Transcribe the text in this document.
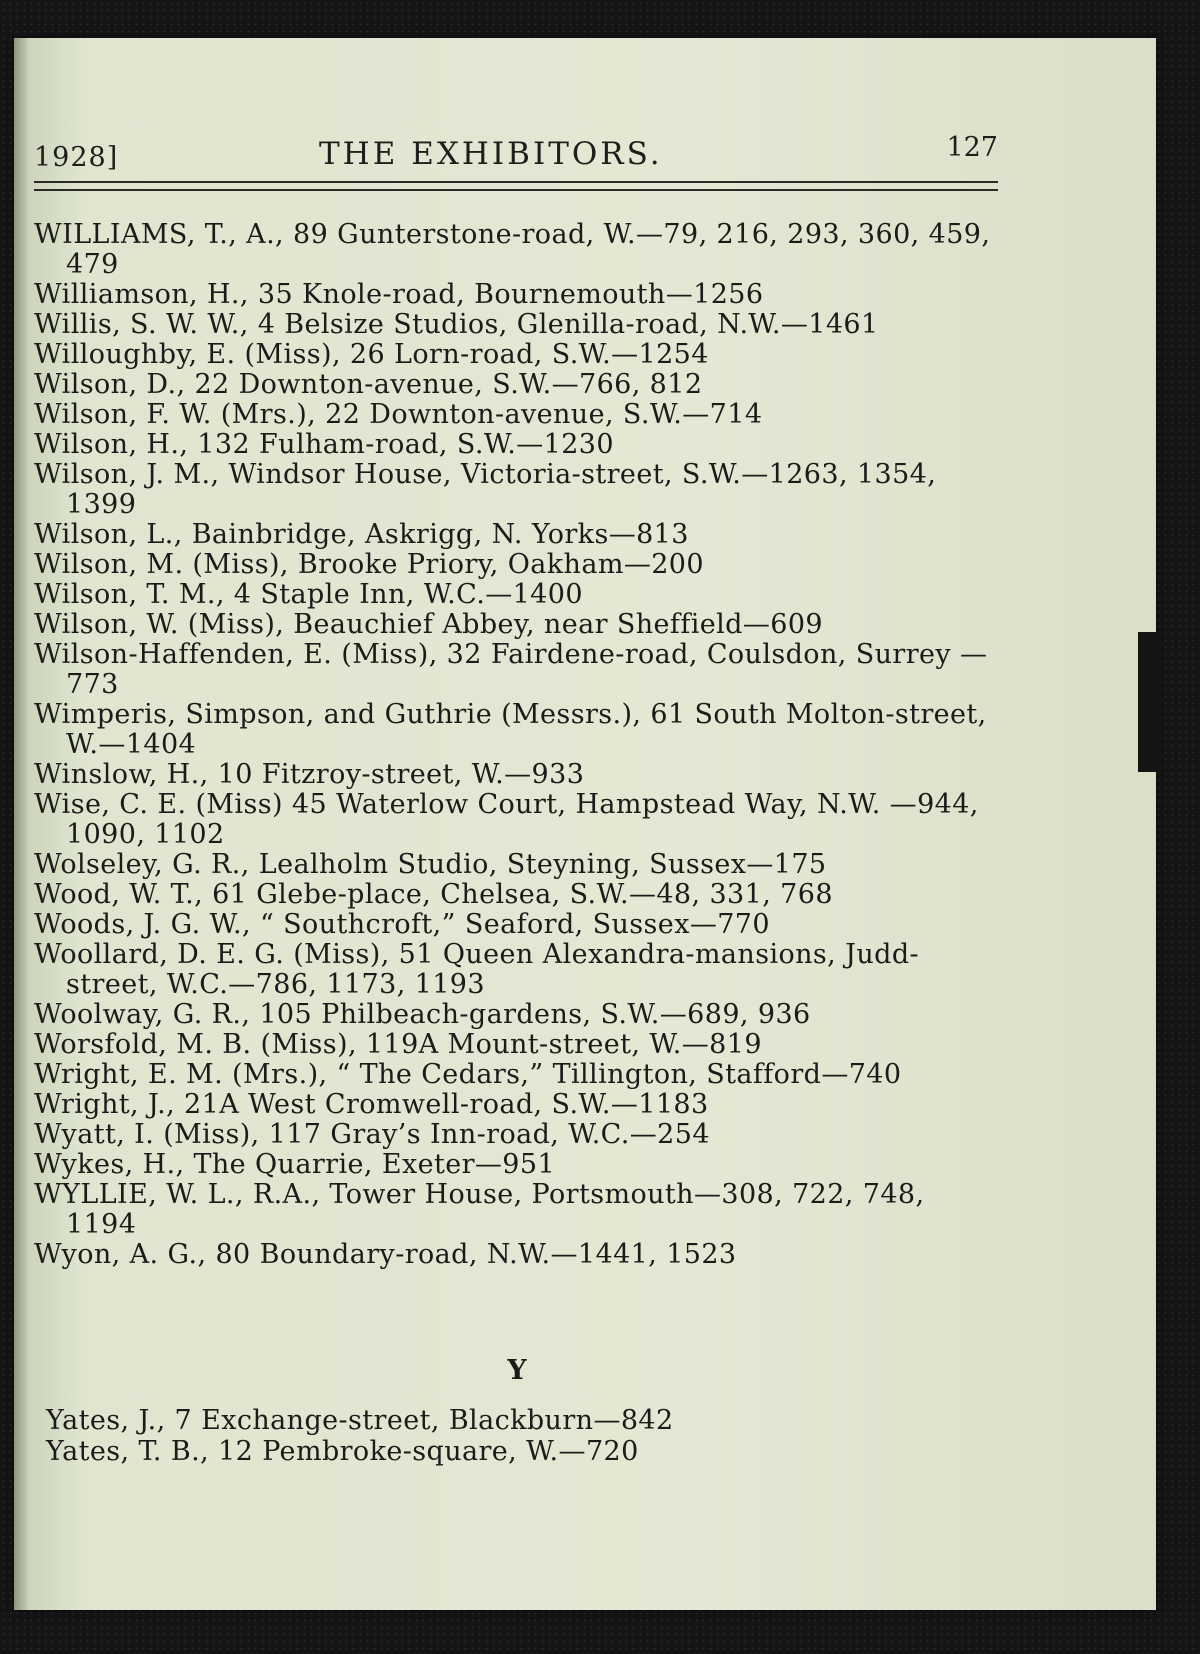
1928]	THE EXHIBITORS.	127

WILLIAMS, T., A., 89 Gunterstone-road, W.—79, 216, 293, 360, 459, 479

Williamson, H., 35 Knole-road, Bournemouth—1256

Willis, S. W. W., 4 Belsize Studios, Glenilla-road, N.W.—1461

Willoughby, E. (Miss), 26 Lorn-road, S.W.—1254

Wilson, D., 22 Downton-avenue, S.W.—766, 812

Wilson, F. W. (Mrs.), 22 Downton-avenue, S.W.—714

Wilson, H., 132 Fulham-road, S.W.—1230

Wilson, J. M., Windsor House, Victoria-street, S.W.—1263, 1354, 1399

Wilson, L., Bainbridge, Askrigg, N. Yorks—813

Wilson, M. (Miss), Brooke Priory, Oakham—200

Wilson, T. M., 4 Staple Inn, W.C.—1400

Wilson, W. (Miss), Beauchief Abbey, near Sheffield—609

Wilson-Haffenden, E. (Miss), 32 Fairdene-road, Coulsdon, Surrey —773

Wimperis, Simpson, and Guthrie (Messrs.), 61 South Molton-street, W.—1404

Winslow, H., 10 Fitzroy-street, W.—933

Wise, C. E. (Miss) 45 Waterlow Court, Hampstead Way, N.W. —944, 1090, 1102

Wolseley, G. R., Lealholm Studio, Steyning, Sussex—175

Wood, W. T., 61 Glebe-place, Chelsea, S.W.—48, 331, 768

Woods, J. G. W., “ Southcroft,” Seaford, Sussex—770

Woollard, D. E. G. (Miss), 51 Queen Alexandra-mansions, Judd-street, W.C.—786, 1173, 1193

Woolway, G. R., 105 Philbeach-gardens, S.W.—689, 936

Worsfold, M. B. (Miss), 119A Mount-street, W.—819

Wright, E. M. (Mrs.), “ The Cedars,” Tillington, Stafford—740

Wright, J., 21A West Cromwell-road, S.W.—1183

Wyatt, I. (Miss), 117 Gray’s Inn-road, W.C.—254

Wykes, H., The Quarrie, Exeter—951

WYLLIE, W. L., R.A., Tower House, Portsmouth—308, 722, 748, 1194

Wyon, A. G., 80 Boundary-road, N.W.—1441, 1523

Y

Yates, J., 7 Exchange-street, Blackburn—842

Yates, T. B., 12 Pembroke-square, W.—720
